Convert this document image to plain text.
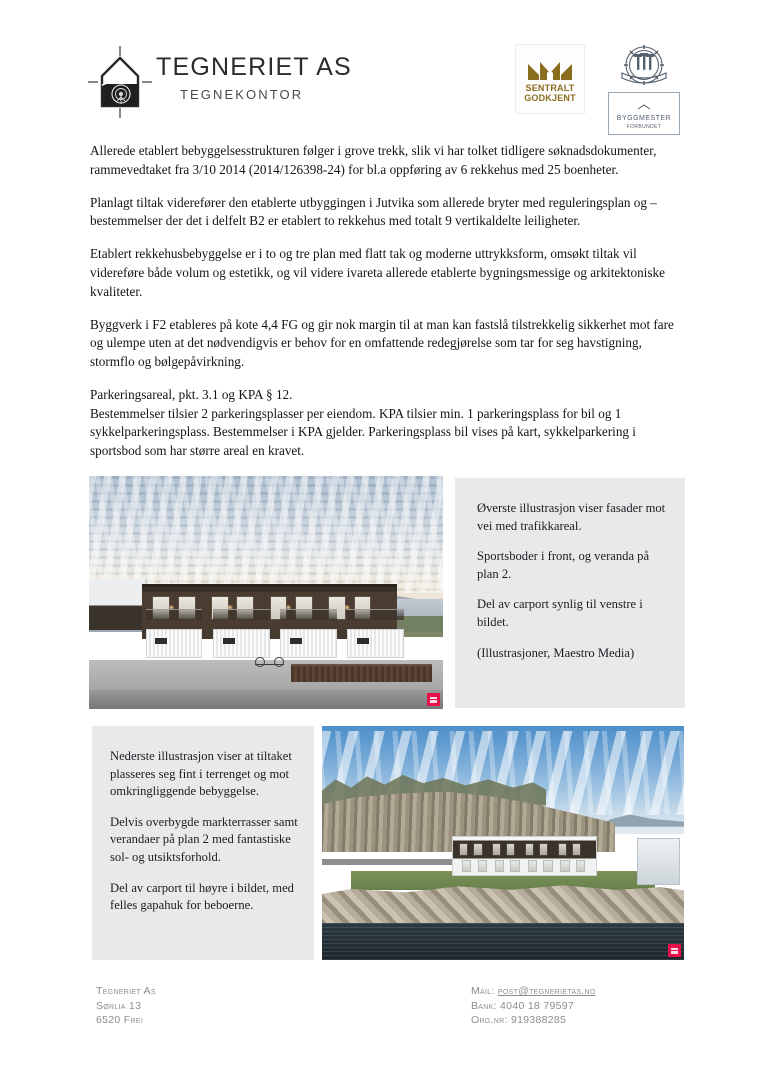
TEGNERIET AS
TEGNEKONTOR	SENTRALT
GODKJENT
BYGGMESTER
FORBUNDET

Allerede etablert bebyggelsesstrukturen følger i grove trekk, slik vi har tolket tidligere søknadsdokumenter, rammevedtaket fra 3/10 2014 (2014/126398-24) for bl.a oppføring av 6 rekkehus med 25 boenheter.

Planlagt tiltak viderefører den etablerte utbyggingen i Jutvika som allerede bryter med reguleringsplan og –bestemmelser der det i delfelt B2 er etablert to rekkehus med totalt 9 vertikaldelte leiligheter.

Etablert rekkehusbebyggelse er i to og tre plan med flatt tak og moderne uttrykksform, omsøkt tiltak vil videreføre både volum og estetikk, og vil videre ivareta allerede etablerte bygningsmessige og arkitektoniske kvaliteter.

Byggverk i F2 etableres på kote 4,4 FG og gir nok margin til at man kan fastslå tilstrekkelig sikkerhet mot fare og ulempe uten at det nødvendigvis er behov for en omfattende redegjørelse som tar for seg havstigning, stormflo og bølgepåvirkning.

Parkeringsareal, pkt. 3.1 og KPA § 12.

Bestemmelser tilsier 2 parkeringsplasser per eiendom. KPA tilsier min. 1 parkeringsplass for bil og 1 sykkelparkeringsplass. Bestemmelser i KPA gjelder. Parkeringsplass bil vises på kart, sykkelparkering i sportsbod som har større areal en kravet.

Øverste illustrasjon viser fasader mot vei med trafikkareal.

Sportsboder i front, og veranda på plan 2.

Del av carport synlig til venstre i bildet.

(Illustrasjoner, Maestro Media)

Nederste illustrasjon viser at tiltaket plasseres seg fint i terrenget og mot omkringliggende bebyggelse.

Delvis overbygde markterrasser samt verandaer på plan 2 med fantastiske sol- og utsiktsforhold.

Del av carport til høyre i bildet, med felles gapahuk for beboerne.

Tegneriet As
Sørlia 13
6520 Frei
Mail: post@tegnerietas.no
Bank: 4040 18 79597
Org.nr: 919388285
